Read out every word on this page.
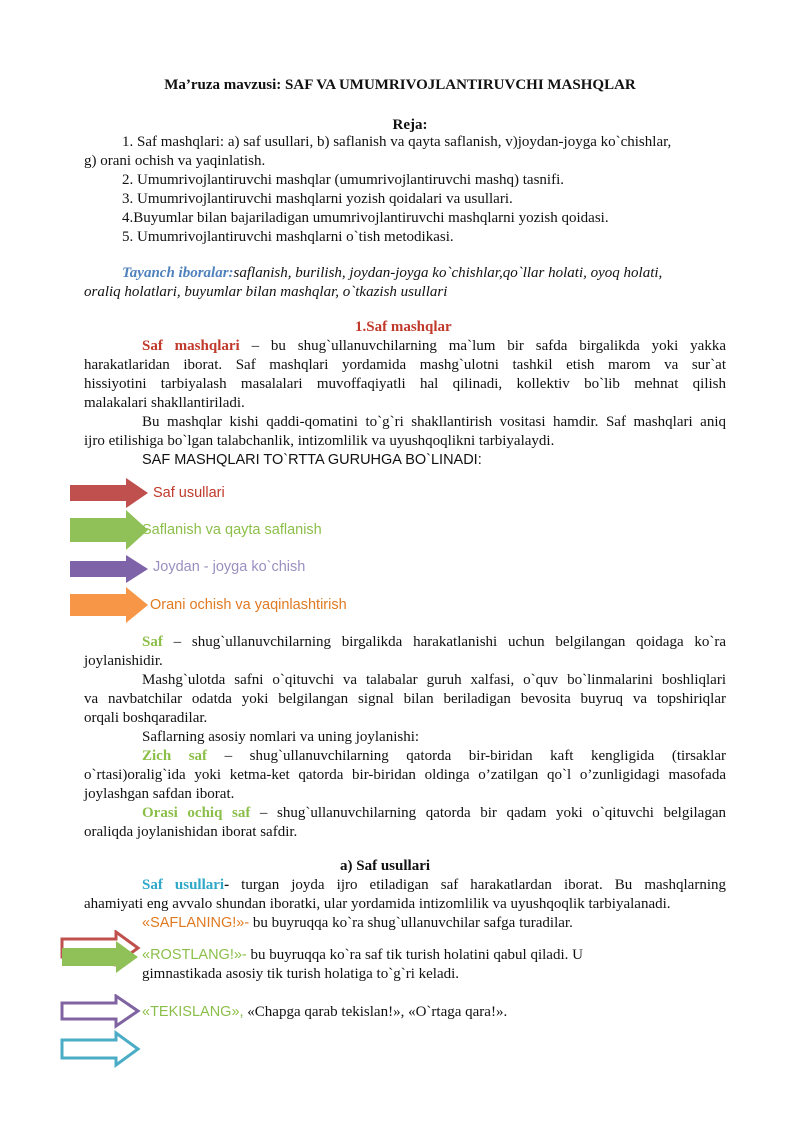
Ma’ruza mavzusi: SAF VA UMUMRIVOJLANTIRUVCHI MASHQLAR
Reja:
1. Saf mashqlari: a) saf usullari, b) saflanish va qayta saflanish, v)joydan-joyga ko`chishlar,
g) orani ochish va yaqinlatish.
2. Umumrivojlantiruvchi mashqlar (umumrivojlantiruvchi mashq) tasnifi.
3. Umumrivojlantiruvchi mashqlarni yozish qoidalari va usullari.
4.Buyumlar bilan bajariladigan umumrivojlantiruvchi mashqlarni yozish qoidasi.
5. Umumrivojlantiruvchi mashqlarni o`tish metodikasi.
Tayanch iboralar:saflanish, burilish, joydan-joyga ko`chishlar,qo`llar holati, oyoq holati,
oraliq holatlari, buyumlar bilan mashqlar, o`tkazish usullari
1.Saf mashqlar
Saf mashqlari – bu shug`ullanuvchilarning ma`lum bir safda birgalikda yoki yakka
harakatlaridan iborat. Saf mashqlari yordamida mashg`ulotni tashkil etish marom va sur`at
hissiyotini tarbiyalash masalalari muvoffaqiyatli hal qilinadi, kollektiv bo`lib mehnat qilish
malakalari shakllantiriladi.
Bu mashqlar kishi qaddi-qomatini to`g`ri shakllantirish vositasi hamdir. Saf mashqlari aniq
ijro etilishiga bo`lgan talabchanlik, intizomlilik va uyushqoqlikni tarbiyalaydi.
SAF MASHQLARI TO`RTTA GURUHGA BO`LINADI:
Saf usullari
Saflanish va qayta saflanish
Joydan - joyga ko`chish
Orani ochish va yaqinlashtirish
Saf – shug`ullanuvchilarning birgalikda harakatlanishi uchun belgilangan qoidaga ko`ra
joylanishidir.
Mashg`ulotda safni o`qituvchi va talabalar guruh xalfasi, o`quv bo`linmalarini boshliqlari
va navbatchilar odatda yoki belgilangan signal bilan beriladigan bevosita buyruq va topshiriqlar
orqali boshqaradilar.
Saflarning asosiy nomlari va uning joylanishi:
Zich saf – shug`ullanuvchilarning qatorda bir-biridan kaft kengligida (tirsaklar
o`rtasi)oralig`ida yoki ketma-ket qatorda bir-biridan oldinga o’zatilgan qo`l o’zunligidagi masofada
joylashgan safdan iborat.
Orasi ochiq saf – shug`ullanuvchilarning qatorda bir qadam yoki o`qituvchi belgilagan
oraliqda joylanishidan iborat safdir.
a) Saf usullari
Saf usullari- turgan joyda ijro etiladigan saf harakatlardan iborat. Bu mashqlarning
ahamiyati eng avvalo shundan iboratki, ular yordamida intizomlilik va uyushqoqlik tarbiyalanadi.
«SAFLANING!»- bu buyruqqa ko`ra shug`ullanuvchilar safga turadilar.
«ROSTLANG!»- bu buyruqqa ko`ra saf tik turish holatini qabul qiladi. U
gimnastikada asosiy tik turish holatiga to`g`ri keladi.
«TEKISLANG», «Chapga qarab tekislan!», «O`rtaga qara!».
